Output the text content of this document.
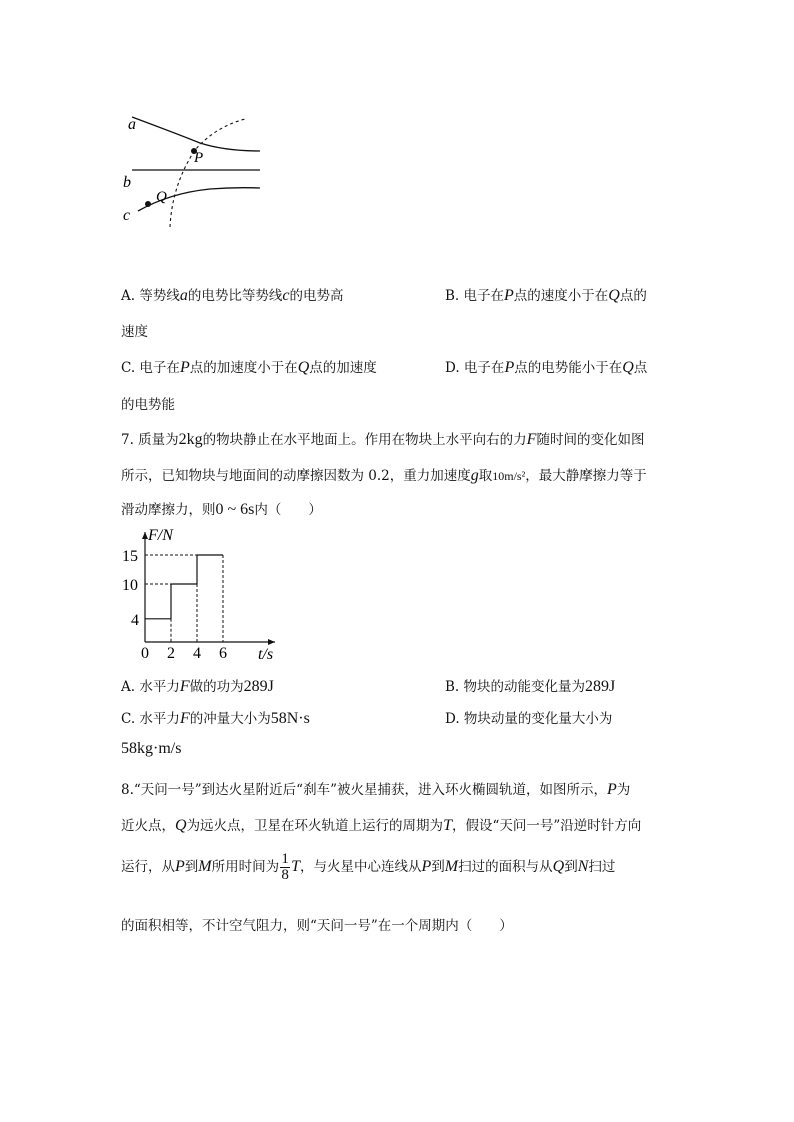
a
b
c
P
Q
A. 等势线a的电势比等势线c的电势高	B. 电子在P点的速度小于在Q点的
速度
C. 电子在P点的加速度小于在Q点的加速度	D. 电子在P点的电势能小于在Q点
的电势能
7. 质量为2kg的物块静止在水平地面上。作用在物块上水平向右的力F随时间的变化如图
所示，已知物块与地面间的动摩擦因数为 0.2，重力加速度g取10m/s²，最大静摩擦力等于
滑动摩擦力，则0 ~ 6s内（　　）
0 2 4 6
4
10
15
F/N
t/s
A. 水平力F做的功为289J	B. 物块的动能变化量为289J
C. 水平力F的冲量大小为58N·s	D. 物块动量的变化量大小为
58kg·m/s
8.“天问一号”到达火星附近后“刹车”被火星捕获，进入环火椭圆轨道，如图所示，P为
近火点，Q为远火点，卫星在环火轨道上运行的周期为T，假设“天问一号”沿逆时针方向
运行，从P到M所用时间为 $\frac{1}{8}$ T，与火星中心连线从P到M扫过的面积与从Q到N扫过
的面积相等，不计空气阻力，则“天问一号”在一个周期内（　　）
